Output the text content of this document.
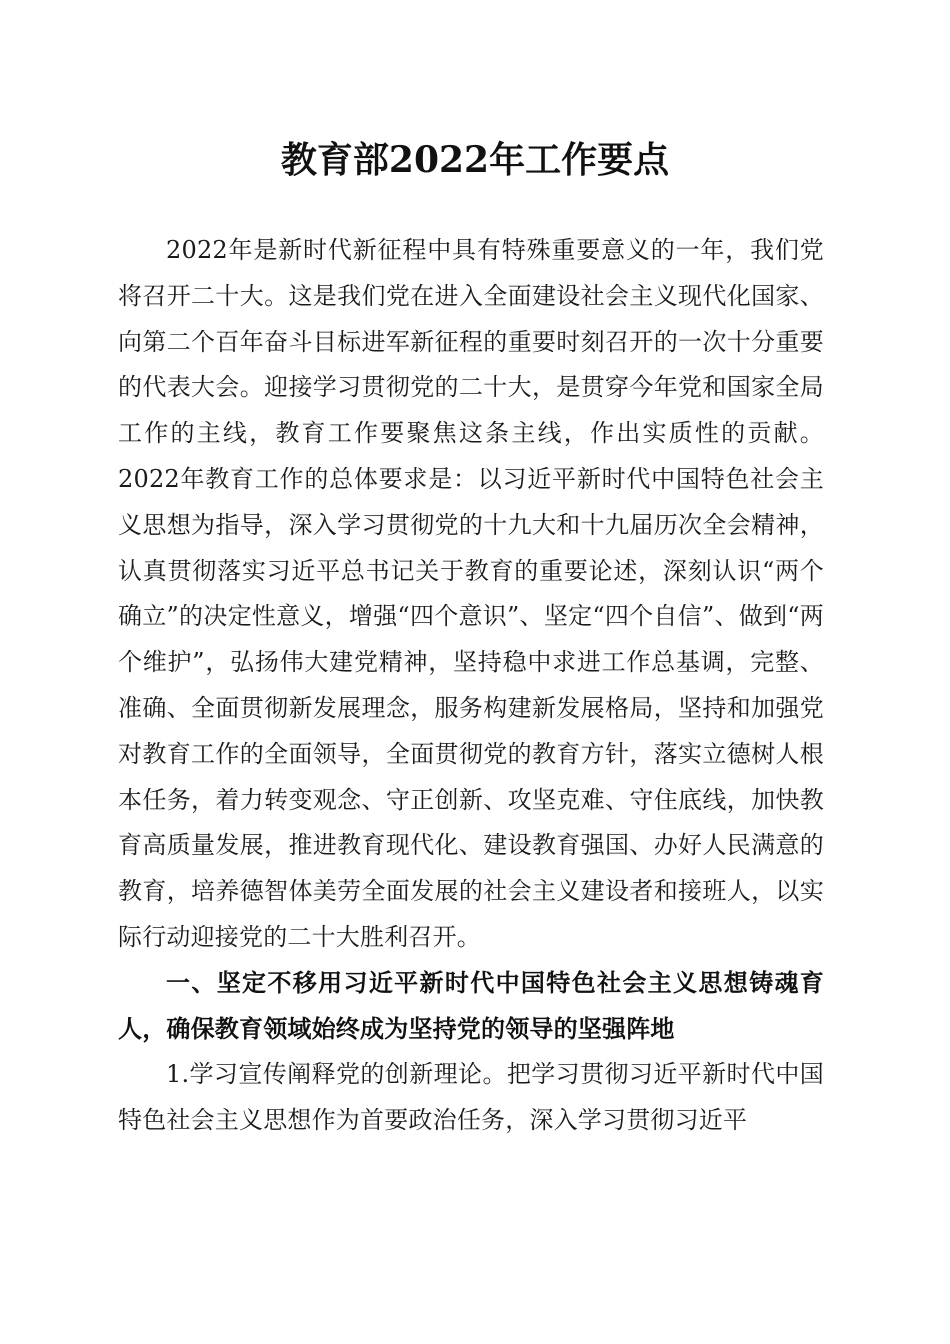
教育部2022年工作要点

2022年是新时代新征程中具有特殊重要意义的一年，我们党将召开二十大。这是我们党在进入全面建设社会主义现代化国家、向第二个百年奋斗目标进军新征程的重要时刻召开的一次十分重要的代表大会。迎接学习贯彻党的二十大，是贯穿今年党和国家全局工作的主线，教育工作要聚焦这条主线，作出实质性的贡献。2022年教育工作的总体要求是：以习近平新时代中国特色社会主义思想为指导，深入学习贯彻党的十九大和十九届历次全会精神，认真贯彻落实习近平总书记关于教育的重要论述，深刻认识“两个确立”的决定性意义，增强“四个意识”、坚定“四个自信”、做到“两个维护”，弘扬伟大建党精神，坚持稳中求进工作总基调，完整、准确、全面贯彻新发展理念，服务构建新发展格局，坚持和加强党对教育工作的全面领导，全面贯彻党的教育方针，落实立德树人根本任务，着力转变观念、守正创新、攻坚克难、守住底线，加快教育高质量发展，推进教育现代化、建设教育强国、办好人民满意的教育，培养德智体美劳全面发展的社会主义建设者和接班人，以实际行动迎接党的二十大胜利召开。

一、坚定不移用习近平新时代中国特色社会主义思想铸魂育人，确保教育领域始终成为坚持党的领导的坚强阵地

1.学习宣传阐释党的创新理论。把学习贯彻习近平新时代中国特色社会主义思想作为首要政治任务，深入学习贯彻习近平
